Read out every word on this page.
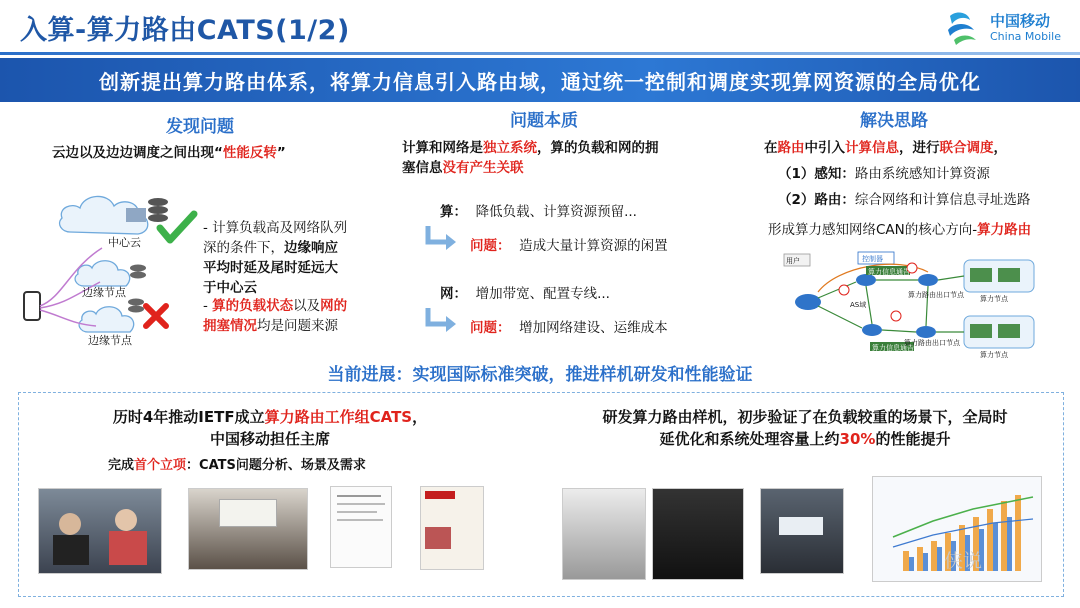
入算-算力路由CATS(1/2)	中国移动
China Mobile
创新提出算力路由体系，将算力信息引入路由域，通过统一控制和调度实现算网资源的全局优化
发现问题
云边以及边边调度之间出现“性能反转”
中心云
边缘节点
边缘节点
- 计算负载高及网络队列
深的条件下，边缘响应
平均时延及尾时延远大
于中心云
- 算的负载状态以及网的
拥塞情况均是问题来源
问题本质
计算和网络是独立系统，算的负载和网的拥
塞信息没有产生关联
算： 降低负载、计算资源预留...
问题： 造成大量计算资源的闲置
网： 增加带宽、配置专线...
问题： 增加网络建设、运维成本
解决思路
在路由中引入计算信息，进行联合调度，
（1）感知：路由系统感知计算资源
（2）路由：综合网络和计算信息寻址选路
形成算力感知网络CAN的核心方向-算力路由
用户	控制器
AS域
算力节点
算力节点
算力信息通告
算力信息通告
算力路由出口节点
算力路由出口节点
当前进展：实现国际标准突破，推进样机研发和性能验证
历时4年推动IETF成立算力路由工作组CATS，
中国移动担任主席
完成首个立项：CATS问题分析、场景及需求
研发算力路由样机，初步验证了在负载较重的场景下，全局时
延优化和系统处理容量上约30%的性能提升
侠说
